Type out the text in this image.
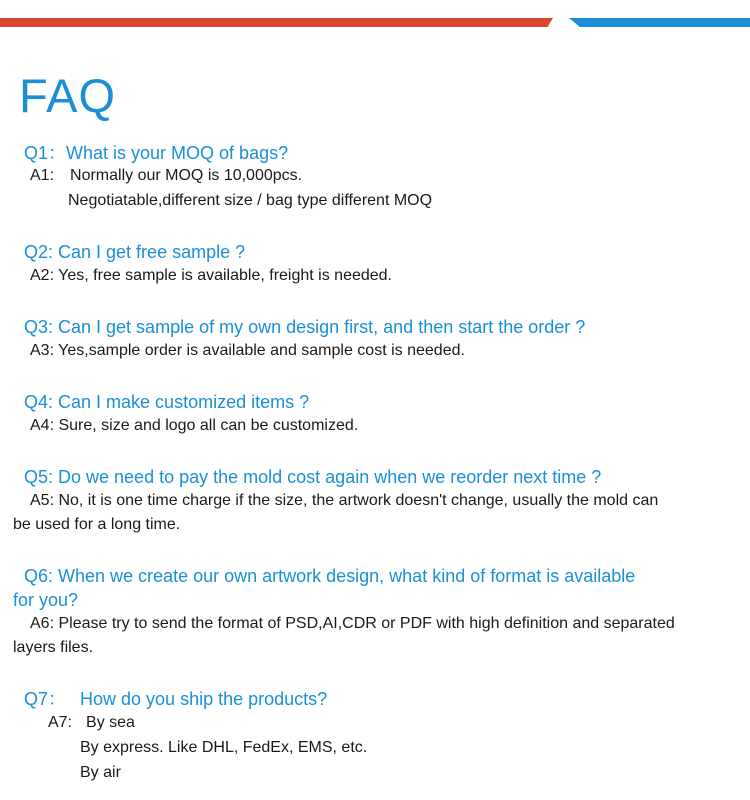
FAQ
Q1：What is your MOQ of bags?
A1: Normally our MOQ is 10,000pcs.
Negotiatable,different size / bag type different MOQ
Q2: Can I get free sample ?
A2: Yes, free sample is available, freight is needed.
Q3: Can I get sample of my own design first, and then start the order ?
A3: Yes,sample order is available and sample cost is needed.
Q4: Can I make customized items ?
A4: Sure, size and logo all can be customized.
Q5: Do we need to pay the mold cost again when we reorder next time ?
A5: No, it is one time charge if the size, the artwork doesn't change, usually the mold can
be used for a long time.
Q6: When we create our own artwork design, what kind of format is available
for you?
A6: Please try to send the format of PSD,AI,CDR or PDF with high definition and separated
layers files.
Q7： How do you ship the products?
A7: By sea
By express. Like DHL, FedEx, EMS, etc.
By air
